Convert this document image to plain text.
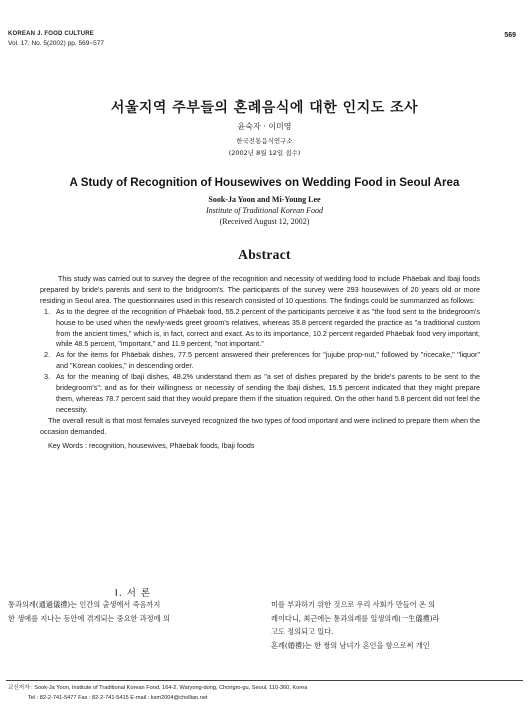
KOREAN J. FOOD CULTURE
Vol. 17, No. 5(2002) pp. 569~577
569
서울지역 주부들의 혼례음식에 대한 인지도 조사
윤숙자 · 이미영
한국전통음식연구소
(2002년 8월 12일 접수)
A Study of Recognition of Housewives on Wedding Food in Seoul Area
Sook-Ja Yoon and Mi-Young Lee
Institute of Traditional Korean Food
(Received August 12, 2002)
Abstract

This study was carried out to survey the degree of the recognition and necessity of wedding food to include Phäebak and Ibaji foods prepared by bride's parents and sent to the bridgroom's. The participants of the survey were 293 housewives of 20 years old or more residing in Seoul area. The questionnaires used in this research consisted of 10 questions. The findings could be summarized as follows:

1. As to the degree of the recognition of Phäebak food, 55.2 percent of the participants perceive it as "the food sent to the bridegroom's house to be used when the newly-weds greet groom's relatives, whereas 35.8 percent regarded the practice as "a traditional custom from the ancient times," which is, in fact, correct and exact. As to its importance, 10.2 percent regarded Phäebak food very important, while 48.5 percent, "important," and 11.9 percent, "not important."
2. As for the items for Phäebak dishes, 77.5 percent answered their preferences for "jujube prop-nut," followed by "ricecake," "liquor" and "Korean cookies," in descending order.
3. As for the meaning of Ibaji dishes, 48.2% understand them as "a set of dishes prepared by the bride's parents to be sent to the bridegroom's"; and as for their willingness or necessity of sending the Ibaji dishes, 15.5 percent indicated that they might prepare them, whereas 78.7 percent said that they would prepare them if the situation required. On the other hand 5.8 percent did not feel the necessity.

The overall result is that most females surveyed recognized the two types of food important and were inclined to prepare them when the occasion demanded.

Key Words : recognition, housewives, Phäebak foods, Ibaji foods

I. 서 론
통과의례(通過儀禮)는 인간의 출생에서 죽음까지
한 생애를 지나는 동안에 겪게되는 중요한 과정에 의
미를 부과하기 위한 것으로 우리 사회가 만들어 온 의
례이다니, 최근에는 통과의례를 일생의례(一生儀禮)라
고도 정의되고 있다.
혼례(婚禮)는 한 쌍의 남녀가 혼인을 함으로써 개인
교신저자 : Sook-Ja Yoon, Institute of Traditional Korean Food, 164-2, Waryong-dong, Chongro-gu, Seoul, 110-360, Korea
Tel : 82-2-741-5477 Fax : 82-2-741-5415 E-mail : ksm2004@chollian.net
